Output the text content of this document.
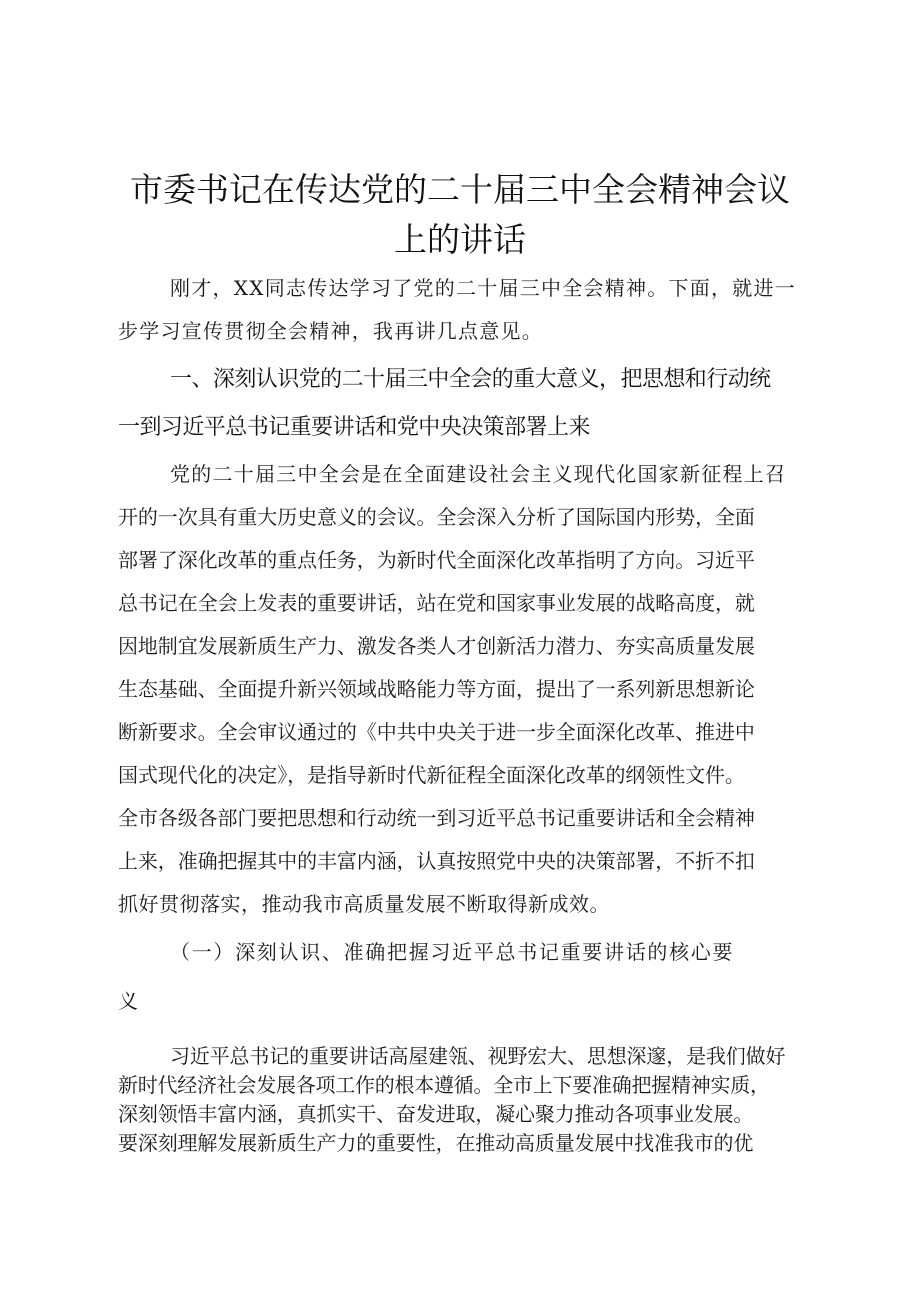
市委书记在传达党的二十届三中全会精神会议
上的讲话

刚才，XX同志传达学习了党的二十届三中全会精神。下面，就进一

步学习宣传贯彻全会精神，我再讲几点意见。

一、深刻认识党的二十届三中全会的重大意义，把思想和行动统

一到习近平总书记重要讲话和党中央决策部署上来

党的二十届三中全会是在全面建设社会主义现代化国家新征程上召

开的一次具有重大历史意义的会议。全会深入分析了国际国内形势，全面

部署了深化改革的重点任务，为新时代全面深化改革指明了方向。习近平

总书记在全会上发表的重要讲话，站在党和国家事业发展的战略高度，就

因地制宜发展新质生产力、激发各类人才创新活力潜力、夯实高质量发展

生态基础、全面提升新兴领域战略能力等方面，提出了一系列新思想新论

断新要求。全会审议通过的《中共中央关于进一步全面深化改革、推进中

国式现代化的决定》，是指导新时代新征程全面深化改革的纲领性文件。

全市各级各部门要把思想和行动统一到习近平总书记重要讲话和全会精神

上来，准确把握其中的丰富内涵，认真按照党中央的决策部署，不折不扣

抓好贯彻落实，推动我市高质量发展不断取得新成效。

（一）深刻认识、准确把握习近平总书记重要讲话的核心要

义

习近平总书记的重要讲话高屋建瓴、视野宏大、思想深邃，是我们做好

新时代经济社会发展各项工作的根本遵循。全市上下要准确把握精神实质，

深刻领悟丰富内涵，真抓实干、奋发进取，凝心聚力推动各项事业发展。

要深刻理解发展新质生产力的重要性，在推动高质量发展中找准我市的优
